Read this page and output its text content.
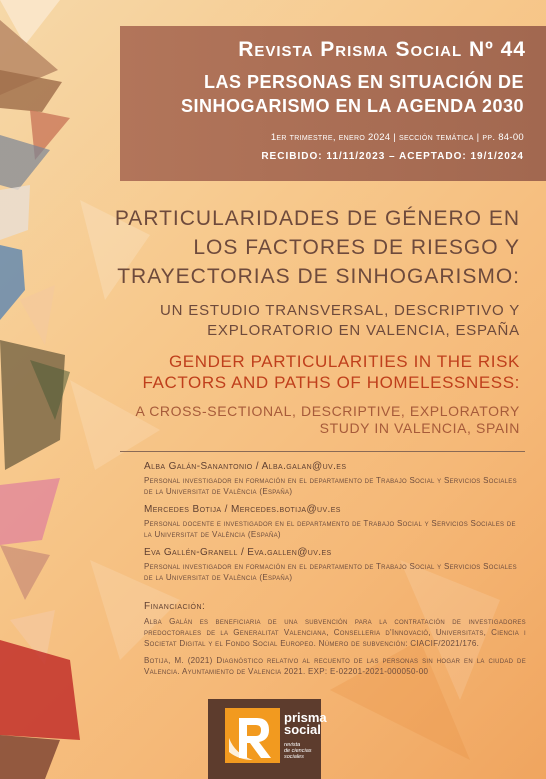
Revista Prisma Social Nº 44
LAS PERSONAS EN SITUACIÓN DE SINHOGARISMO EN LA AGENDA 2030
1er trimestre, enero 2024 | sección temática | pp. 84-00
RECIBIDO: 11/11/2023 – ACEPTADO: 19/1/2024
PARTICULARIDADES DE GÉNERO EN LOS FACTORES DE RIESGO Y TRAYECTORIAS DE SINHOGARISMO:
UN ESTUDIO TRANSVERSAL, DESCRIPTIVO Y EXPLORATORIO EN VALENCIA, ESPAÑA
GENDER PARTICULARITIES IN THE RISK FACTORS AND PATHS OF HOMELESSNESS:
A CROSS-SECTIONAL, DESCRIPTIVE, EXPLORATORY STUDY IN VALENCIA, SPAIN
Alba Galán-Sanantonio / Alba.galan@uv.es
Personal investigador en formación en el departamento de Trabajo Social y Servicios Sociales de la Universitat de València (España)
Mercedes Botija / Mercedes.botija@uv.es
Personal docente e investigador en el departamento de Trabajo Social y Servicios Sociales de la Universitat de València (España)
Eva Gallén-Granell / Eva.gallen@uv.es
Personal investigador en formación en el departamento de Trabajo Social y Servicios Sociales de la Universitat de València (España)
Financiación:
Alba Galán es beneficiaria de una subvención para la contratación de investigadores predoctorales de la Generalitat Valenciana, Conselleria d'Innovació, Universitats, Ciencia i Societat Digital y el Fondo Social Europeo. Número de subvención: CIACIF/2021/176.
Botija, M. (2021) Diagnóstico relativo al recuento de las personas sin hogar en la ciudad de Valencia. Ayuntamiento de Valencia 2021. EXP: E-02201-2021-000050-00
prisma
social
revista
de ciencias
sociales
